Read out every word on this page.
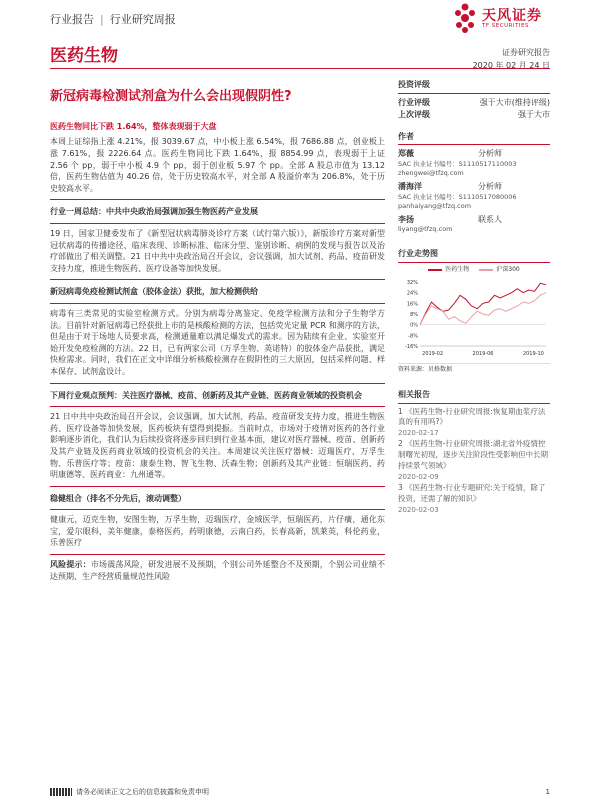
行业报告 | 行业研究周报	天风证券
TF SECURITIES
医药生物	证券研究报告
2020 年 02 月 24 日
新冠病毒检测试剂盒为什么会出现假阴性?
医药生物同比下跌 1.64%，整体表现弱于大盘
本周上证综指上涨 4.21%，报 3039.67 点，中小板上涨 6.54%，报 7686.88 点，创业板上涨 7.61%，报 2226.64 点。医药生物同比下跌 1.64%，报 8854.99 点，表现弱于上证 2.56 个 pp，弱于中小板 4.9 个 pp，弱于创业板 5.97 个 pp。全部 A 股总市值为 13.12 倍，医药生物估值为 40.26 倍，处于历史较高水平，对全部 A 股溢价率为 206.8%，处于历史较高水平。
行业一周总结：中共中央政治局强调加强生物医药产业发展
19 日，国家卫健委发布了《新型冠状病毒肺炎诊疗方案（试行第六版）》，新版诊疗方案对新型冠状病毒的传播途径、临床表现、诊断标准、临床分型、鉴别诊断、病例的发现与报告以及治疗部做出了相关调整。21 日中共中央政治局召开会议，会议强调，加大试剂、药品、疫苗研发支持力度，推进生物医药、医疗设备等加快发展。
新冠病毒免疫检测试剂盒（胶体金法）获批，加大检测供给
病毒有三类常见的实验室检测方式。分别为病毒分离鉴定、免疫学检测方法和分子生物学方法。目前针对新冠病毒已经获批上市的是核酸检测的方法，包括荧光定量 PCR 和测序的方法，但是由于对于场地人员要求高，检测通量难以满足爆发式的需求。因为陆续有企业、实验室开始开发免疫检测的方法。22 日，已有两家公司（万孚生物、英诺特）的胶体金产品获批，满足快检需求。同时，我们在正文中详细分析核酸检测存在假阴性的三大原因，包括采样问题、样本保存、试剂盒设计。
下周行业观点预判：关注医疗器械、疫苗、创新药及其产业链、医药商业领域的投资机会
21 日中共中央政治局召开会议，会议强调，加大试剂、药品、疫苗研发支持力度，推进生物医药、医疗设备等加快发展，医药板块有望得到提振。当前时点，市场对于疫情对医药的各行业影响逐步消化，我们认为后续投资将逐步回归到行业基本面，建议对医疗器械、疫苗、创新药及其产业链及医药商业领域的投资机会的关注。本周建议关注医疗器械：迈瑞医疗、万孚生物、乐普医疗等；疫苗：康泰生物、智飞生物、沃森生物；创新药及其产业链：恒瑞医药、药明康德等、医药商业：九州通等。
稳健组合（排名不分先后，滚动调整）
健康元，迈克生物，安图生物，万孚生物，迈瑞医疗，金域医学，恒瑞医药，片仔癀，通化东宝，爱尔眼科，美年健康，泰格医药，药明康德，云南白药，长春高新，凯莱英，科伦药业，乐普医疗
风险提示：市场震荡风险，研发进展不及预期，个别公司外延整合不及预期，个别公司业绩不达预期、生产经营质量规范性风险
投资评级
行业评级	强于大市(维持评级)
上次评级	强于大市
作者
郑薇	分析师
SAC 执业证书编号：S1110517110003
zhengwei@tfzq.com
潘海洋	分析师
SAC 执业证书编号：S1110517080006
panhaiyang@tfzq.com
李扬	联系人
liyang@tfzq.com
行业走势图
医药生物	沪深300
32%
24%
16%
8%
0%
-8%
-16%
2019-02	2019-06	2019-10
资料来源：贝格数据
相关报告
1 《医药生物-行业研究周报:恢复期血浆疗法真的有用吗?》
2020-02-17
2 《医药生物-行业研究周报:湖北省外疫情控制曙光初现，逐步关注阶段性受影响但中长期持续景气领域》
2020-02-09
3 《医药生物-行业专题研究:关于疫情，除了投资，还需了解的知识》
2020-02-03
请务必阅读正文之后的信息披露和免责申明	1
